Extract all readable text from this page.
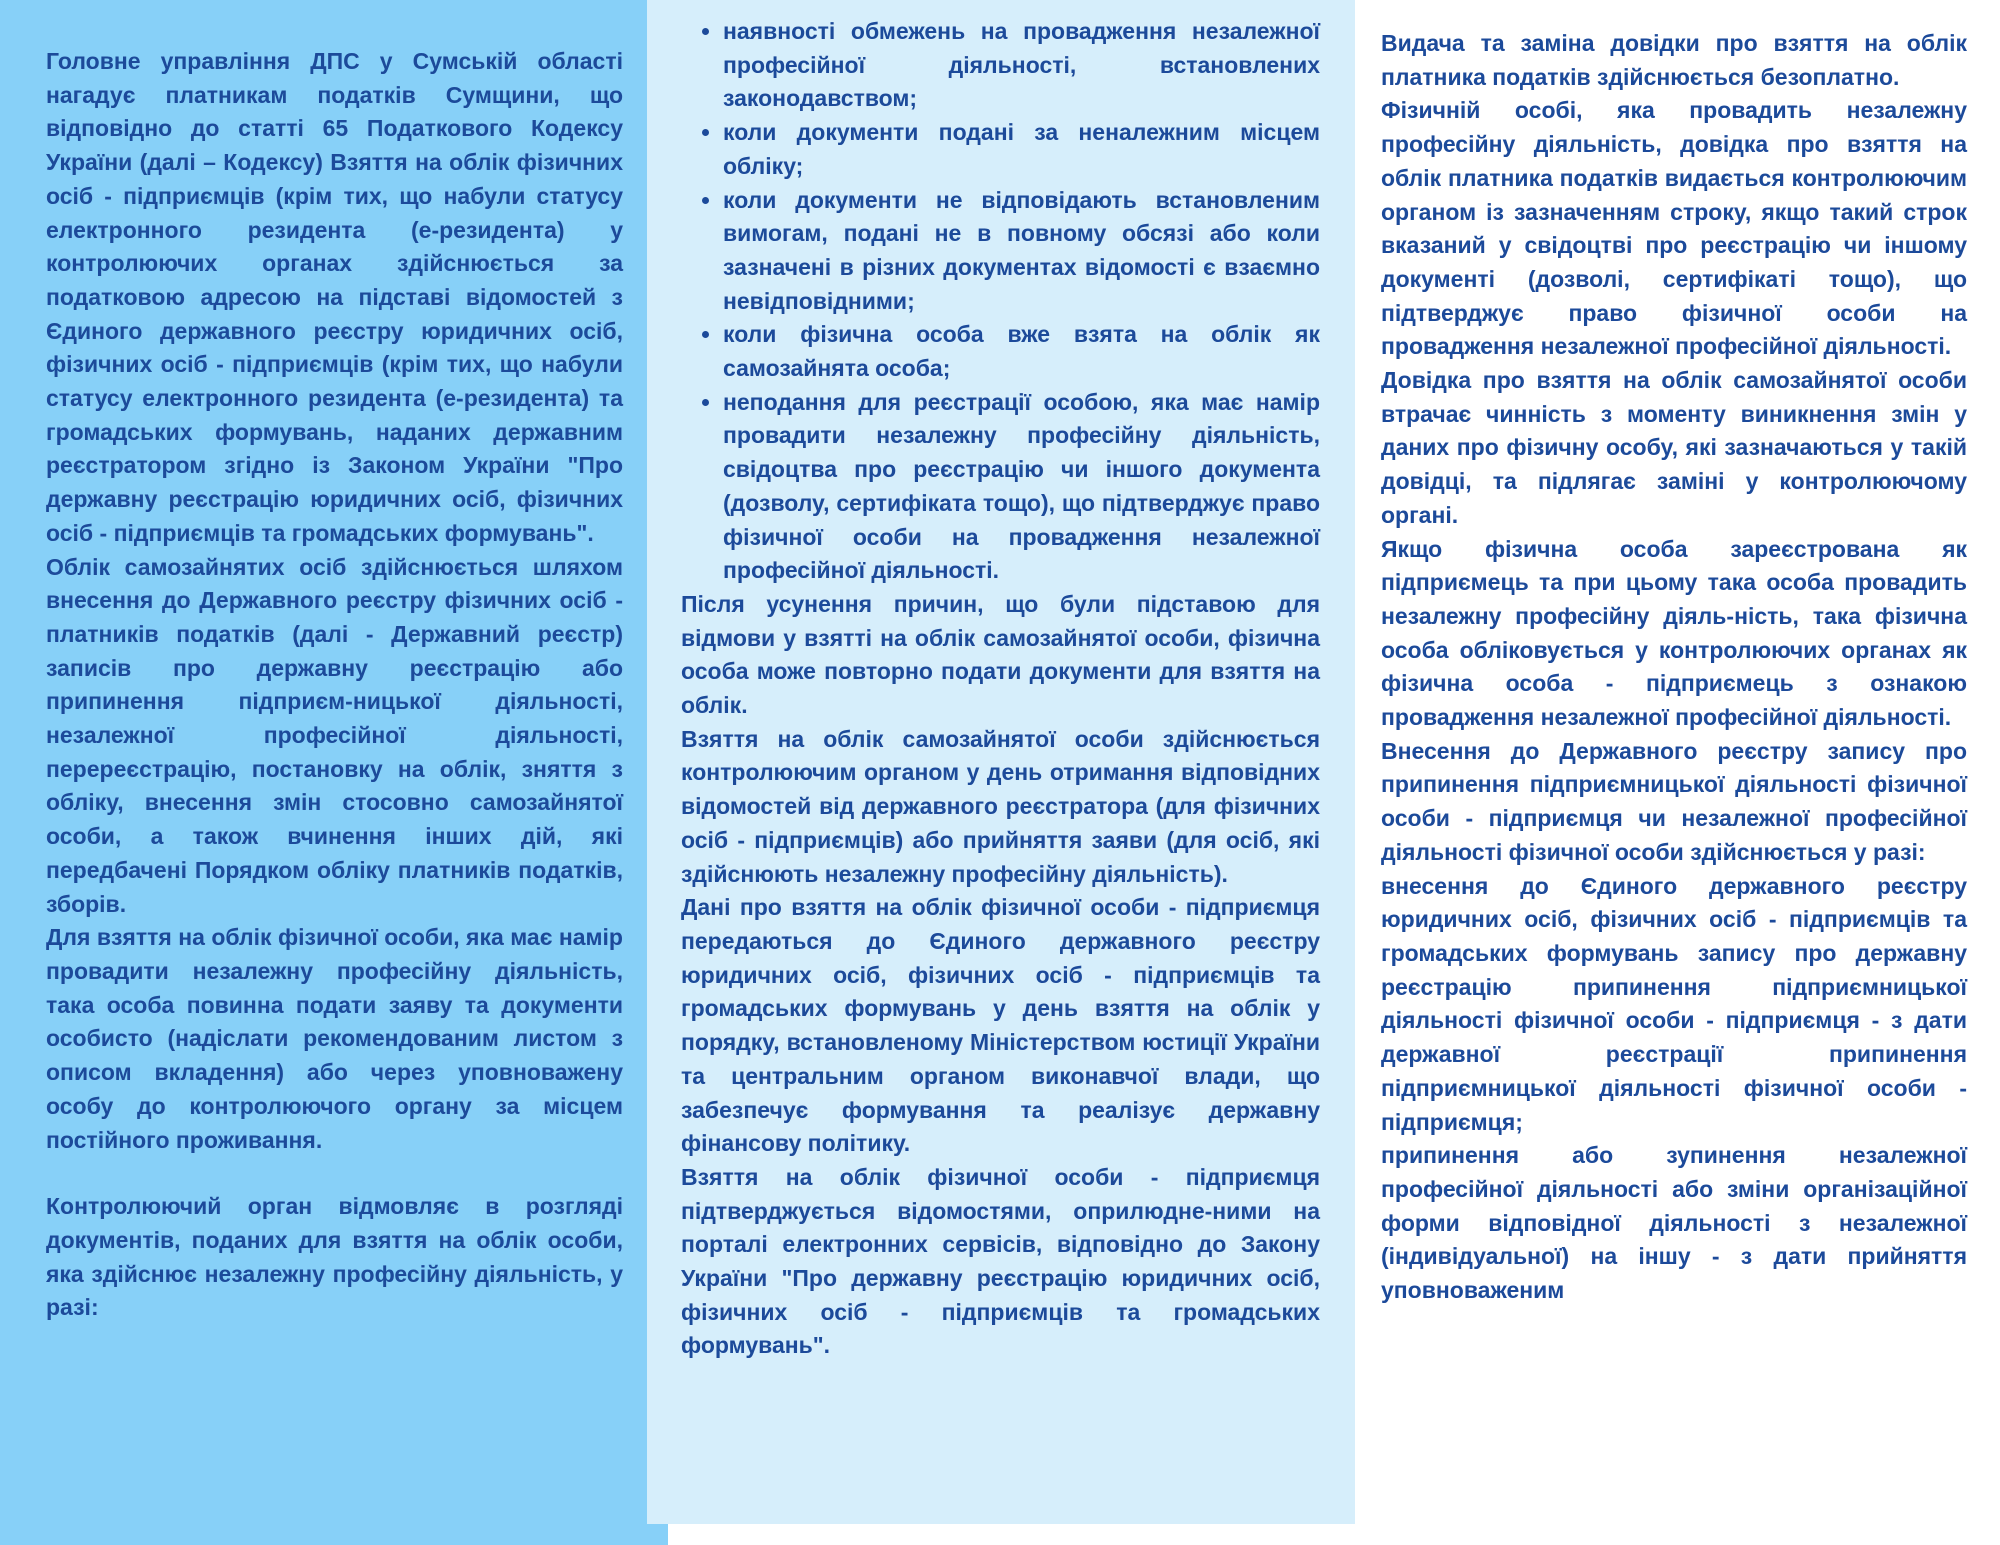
Головне управління ДПС у Сумській області нагадує платникам податків Сумщини, що відповідно до статті 65 Податкового Кодексу України (далі – Кодексу) Взяття на облік фізичних осіб - підприємців (крім тих, що набули статусу електронного резидента (е-резидента) у контролюючих органах здійснюється за податковою адресою на підставі відомостей з Єдиного державного реєстру юридичних осіб, фізичних осіб - підприємців (крім тих, що набули статусу електронного резидента (е-резидента) та громадських формувань, наданих державним реєстратором згідно із Законом України "Про державну реєстрацію юридичних осіб, фізичних осіб - підприємців та громадських формувань".

Облік самозайнятих осіб здійснюється шляхом внесення до Державного реєстру фізичних осіб - платників податків (далі - Державний реєстр) записів про державну реєстрацію або припинення підприєм-ницької діяльності, незалежної професійної діяльності, перереєстрацію, постановку на облік, зняття з обліку, внесення змін стосовно самозайнятої особи, а також вчинення інших дій, які передбачені Порядком обліку платників податків, зборів.

Для взяття на облік фізичної особи, яка має намір провадити незалежну професійну діяльність, така особа повинна подати заяву та документи особисто (надіслати рекомендованим листом з описом вкладення) або через уповноважену особу до контролюючого органу за місцем постійного проживання.

Контролюючий орган відмовляє в розгляді документів, поданих для взяття на облік особи, яка здійснює незалежну професійну діяльність, у разі:

• наявності обмежень на провадження незалежної професійної діяльності, встановлених законодавством;
• коли документи подані за неналежним місцем обліку;
• коли документи не відповідають встановленим вимогам, подані не в повному обсязі або коли зазначені в різних документах відомості є взаємно невідповідними;
• коли фізична особа вже взята на облік як самозайнята особа;
• неподання для реєстрації особою, яка має намір провадити незалежну професійну діяльність, свідоцтва про реєстрацію чи іншого документа (дозволу, сертифіката тощо), що підтверджує право фізичної особи на провадження незалежної професійної діяльності.

Після усунення причин, що були підставою для відмови у взятті на облік самозайнятої особи, фізична особа може повторно подати документи для взяття на облік.

Взяття на облік самозайнятої особи здійснюється контролюючим органом у день отримання відповідних відомостей від державного реєстратора (для фізичних осіб - підприємців) або прийняття заяви (для осіб, які здійснюють незалежну професійну діяльність).

Дані про взяття на облік фізичної особи - підприємця передаються до Єдиного державного реєстру юридичних осіб, фізичних осіб - підприємців та громадських формувань у день взяття на облік у порядку, встановленому Міністерством юстиції України та центральним органом виконавчої влади, що забезпечує формування та реалізує державну фінансову політику.

Взяття на облік фізичної особи - підприємця підтверджується відомостями, оприлюдне-ними на порталі електронних сервісів, відповідно до Закону України "Про державну реєстрацію юридичних осіб, фізичних осіб - підприємців та громадських формувань".

Видача та заміна довідки про взяття на облік платника податків здійснюється безоплатно.

Фізичній особі, яка провадить незалежну професійну діяльність, довідка про взяття на облік платника податків видається контролюючим органом із зазначенням строку, якщо такий строк вказаний у свідоцтві про реєстрацію чи іншому документі (дозволі, сертифікаті тощо), що підтверджує право фізичної особи на провадження незалежної професійної діяльності.

Довідка про взяття на облік самозайнятої особи втрачає чинність з моменту виникнення змін у даних про фізичну особу, які зазначаються у такій довідці, та підлягає заміні у контролюючому органі.

Якщо фізична особа зареєстрована як підприємець та при цьому така особа провадить незалежну професійну діяль-ність, така фізична особа обліковується у контролюючих органах як фізична особа - підприємець з ознакою провадження незалежної професійної діяльності.

Внесення до Державного реєстру запису про припинення підприємницької діяльності фізичної особи - підприємця чи незалежної професійної діяльності фізичної особи здійснюється у разі:

внесення до Єдиного державного реєстру юридичних осіб, фізичних осіб - підприємців та громадських формувань запису про державну реєстрацію припинення підприємницької діяльності фізичної особи - підприємця - з дати державної реєстрації припинення підприємницької діяльності фізичної особи - підприємця;

припинення або зупинення незалежної професійної діяльності або зміни організаційної форми відповідної діяльності з незалежної (індивідуальної) на іншу - з дати прийняття уповноваженим
